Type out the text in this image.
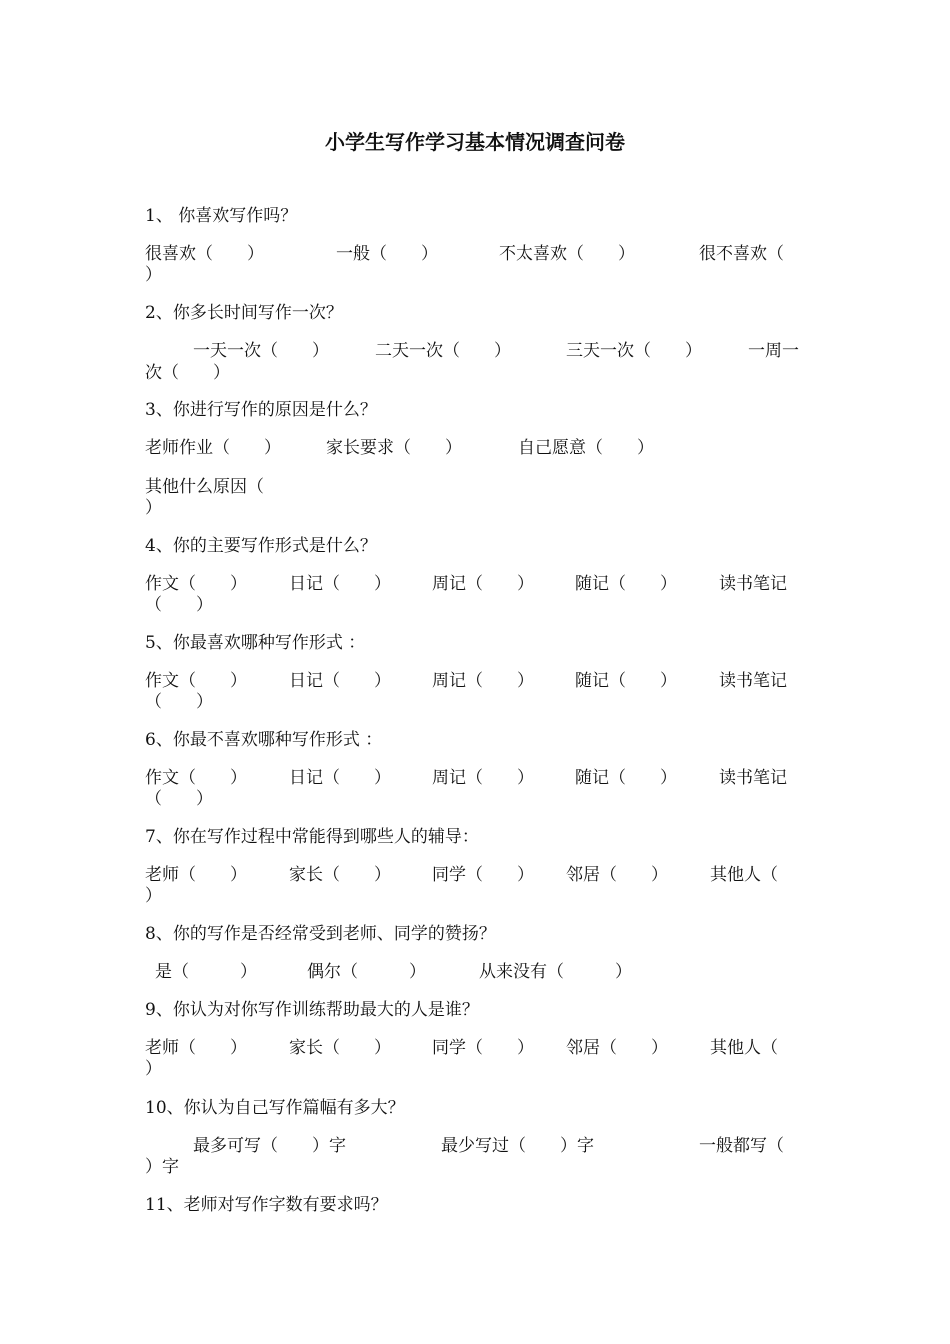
小学生写作学习基本情况调查问卷
1、 你喜欢写作吗？
很喜欢（　　）	一般（　　）	不太喜欢（　　）	很不喜欢（
）
2、你多长时间写作一次？
一天一次（　　）	二天一次（　　）	三天一次（　　）	一周一
次（　　）
3、你进行写作的原因是什么？
老师作业（　　）	家长要求（　　）	自己愿意（　　）
其他什么原因（
）
4、你的主要写作形式是什么？
作文（　　） 日记（　　） 周记（　　） 随记（　　） 读书笔记
（　　）
5、你最喜欢哪种写作形式 ：
作文（　　） 日记（　　） 周记（　　） 随记（　　） 读书笔记
（　　）
6、你最不喜欢哪种写作形式 ：
作文（　　） 日记（　　） 周记（　　） 随记（　　） 读书笔记
（　　）
7、你在写作过程中常能得到哪些人的辅导：
老师（　　） 家长（　　） 同学（　　） 邻居（　　） 其他人（
）
8、你的写作是否经常受到老师、同学的赞扬？
是（　　　）	偶尔（　　　）	从来没有（　　　）
9、你认为对你写作训练帮助最大的人是谁？
老师（　　） 家长（　　） 同学（　　） 邻居（　　） 其他人（
）
10、你认为自己写作篇幅有多大？
最多可写（　　）字	最少写过（　　）字	一般都写（
）字
11、老师对写作字数有要求吗？
